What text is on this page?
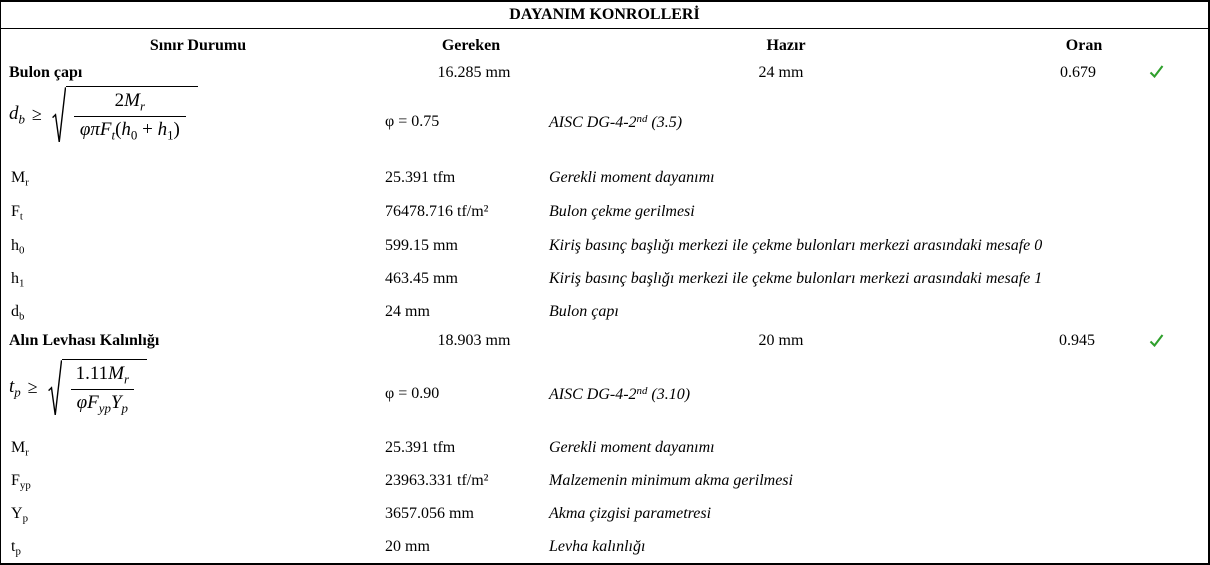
DAYANIM KONROLLERİ
Sınır Durumu	Gereken	Hazır	Oran
Bulon çapı	16.285 mm	24 mm	0.679
$d_b \ge \frac{2M_r}{\varphi\pi F_t(h_0 + h_1)}$	φ = 0.75	AISC DG-4-2nd (3.5)
$M_r$	25.391 tfm	Gerekli moment dayanımı
$F_t$	76478.716 tf/m²	Bulon çekme gerilmesi
$h_0$	599.15 mm	Kiriş basınç başlığı merkezi ile çekme bulonları merkezi arasındaki mesafe 0
$h_1$	463.45 mm	Kiriş basınç başlığı merkezi ile çekme bulonları merkezi arasındaki mesafe 1
$d_b$	24 mm	Bulon çapı
Alın Levhası Kalınlığı	18.903 mm	20 mm	0.945
$t_p \ge \frac{1.11M_r}{\varphi F_{yp}Y_p}$	φ = 0.90	AISC DG-4-2nd (3.10)
$M_r$	25.391 tfm	Gerekli moment dayanımı
$F_{yp}$	23963.331 tf/m²	Malzemenin minimum akma gerilmesi
$Y_p$	3657.056 mm	Akma çizgisi parametresi
$t_p$	20 mm	Levha kalınlığı
